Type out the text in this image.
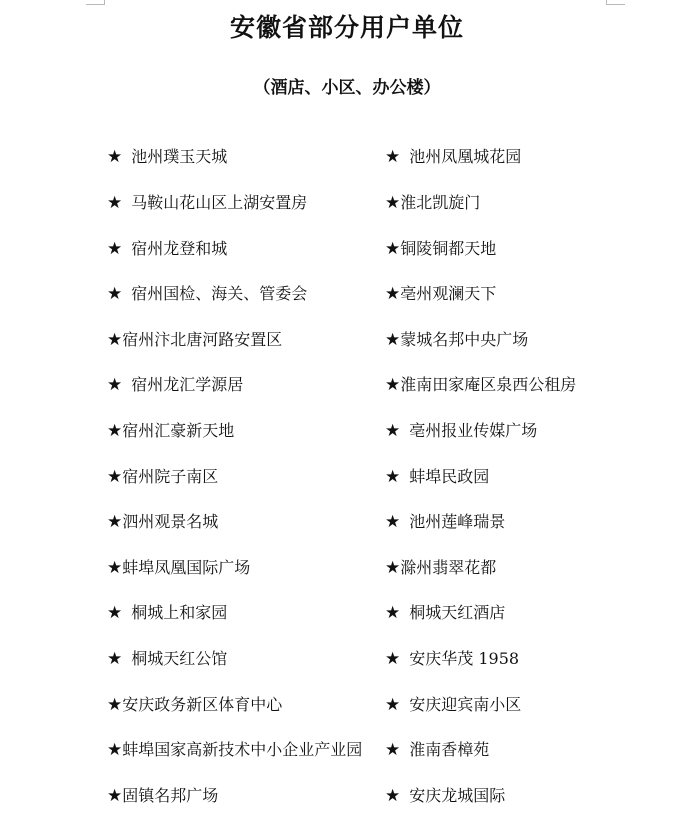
安徽省部分用户单位
（酒店、小区、办公楼）
★ 池州璞玉天城
★ 马鞍山花山区上湖安置房
★ 宿州龙登和城
★ 宿州国检、海关、管委会
★宿州汴北唐河路安置区
★ 宿州龙汇学源居
★宿州汇豪新天地
★宿州院子南区
★泗州观景名城
★蚌埠凤凰国际广场
★ 桐城上和家园
★ 桐城天红公馆
★安庆政务新区体育中心
★蚌埠国家高新技术中小企业产业园
★固镇名邦广场
★ 池州凤凰城花园
★淮北凯旋门
★铜陵铜都天地
★亳州观澜天下
★蒙城名邦中央广场
★淮南田家庵区泉西公租房
★ 亳州报业传媒广场
★ 蚌埠民政园
★ 池州莲峰瑞景
★滁州翡翠花都
★ 桐城天红酒店
★ 安庆华茂 1958
★ 安庆迎宾南小区
★ 淮南香樟苑
★ 安庆龙城国际
